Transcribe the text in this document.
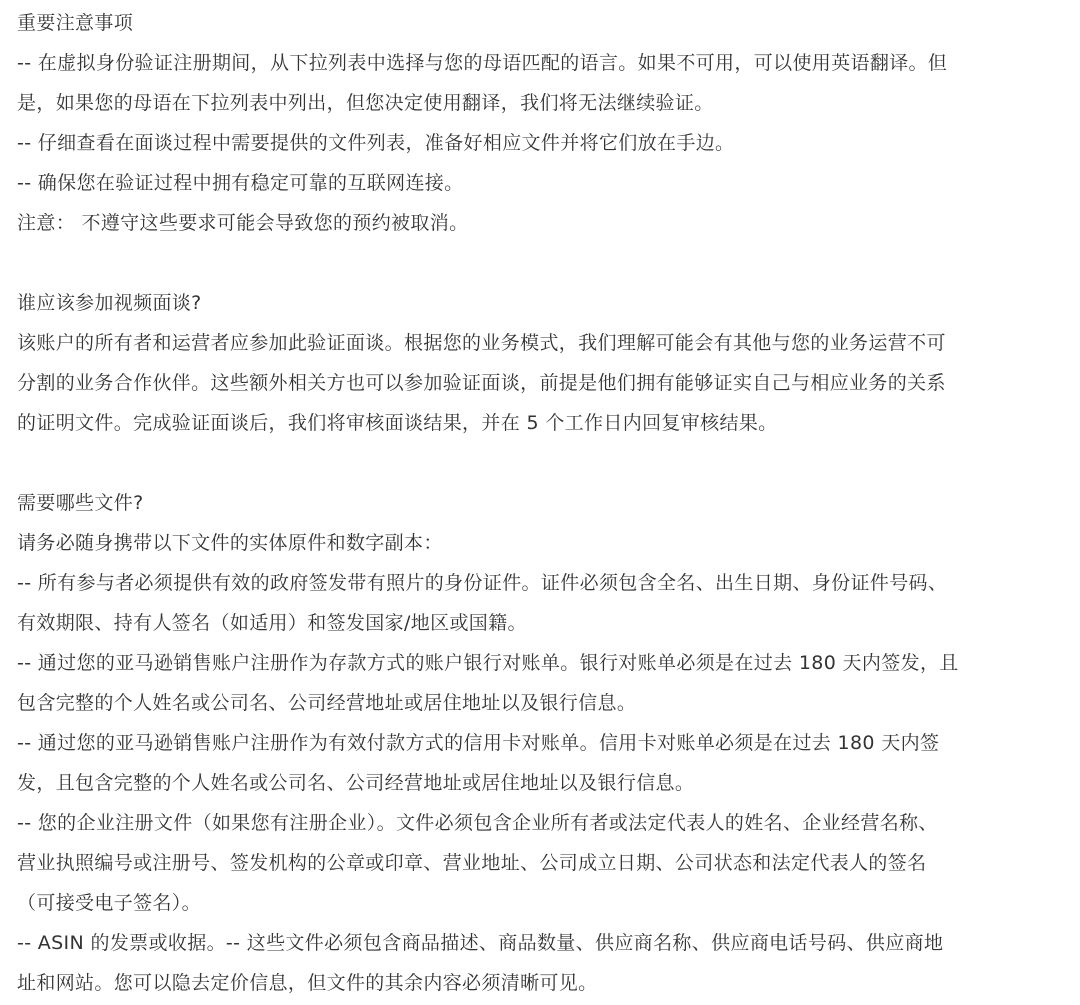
重要注意事项
-- 在虚拟身份验证注册期间，从下拉列表中选择与您的母语匹配的语言。如果不可用，可以使用英语翻译。但
是，如果您的母语在下拉列表中列出，但您决定使用翻译，我们将无法继续验证。
-- 仔细查看在面谈过程中需要提供的文件列表，准备好相应文件并将它们放在手边。
-- 确保您在验证过程中拥有稳定可靠的互联网连接。
注意： 不遵守这些要求可能会导致您的预约被取消。
谁应该参加视频面谈?
该账户的所有者和运营者应参加此验证面谈。根据您的业务模式，我们理解可能会有其他与您的业务运营不可
分割的业务合作伙伴。这些额外相关方也可以参加验证面谈，前提是他们拥有能够证实自己与相应业务的关系
的证明文件。完成验证面谈后，我们将审核面谈结果，并在 5 个工作日内回复审核结果。
需要哪些文件?
请务必随身携带以下文件的实体原件和数字副本：
-- 所有参与者必须提供有效的政府签发带有照片的身份证件。证件必须包含全名、出生日期、身份证件号码、
有效期限、持有人签名（如适用）和签发国家/地区或国籍。
-- 通过您的亚马逊销售账户注册作为存款方式的账户银行对账单。银行对账单必须是在过去 180 天内签发，且
包含完整的个人姓名或公司名、公司经营地址或居住地址以及银行信息。
-- 通过您的亚马逊销售账户注册作为有效付款方式的信用卡对账单。信用卡对账单必须是在过去 180 天内签
发，且包含完整的个人姓名或公司名、公司经营地址或居住地址以及银行信息。
-- 您的企业注册文件（如果您有注册企业）。文件必须包含企业所有者或法定代表人的姓名、企业经营名称、
营业执照编号或注册号、签发机构的公章或印章、营业地址、公司成立日期、公司状态和法定代表人的签名
（可接受电子签名）。
-- ASIN 的发票或收据。-- 这些文件必须包含商品描述、商品数量、供应商名称、供应商电话号码、供应商地
址和网站。您可以隐去定价信息，但文件的其余内容必须清晰可见。
